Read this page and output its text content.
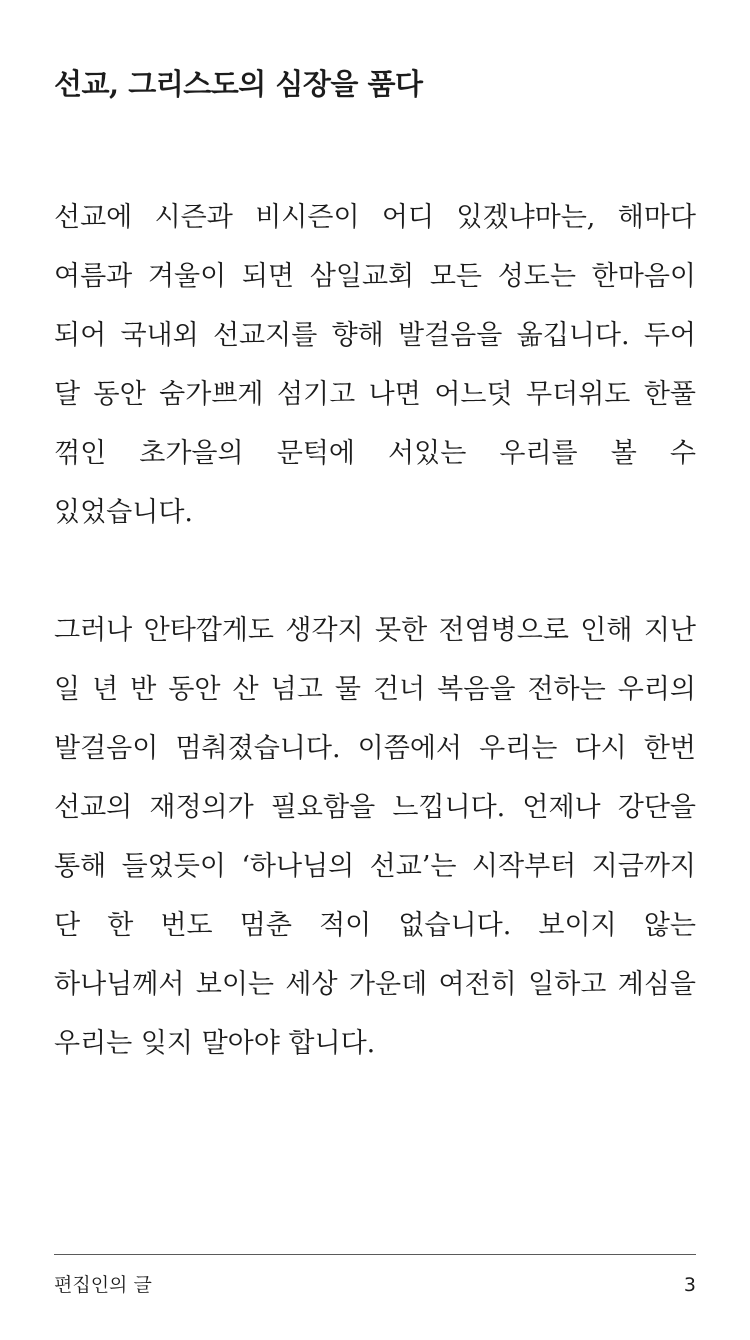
선교, 그리스도의 심장을 품다

선교에 시즌과 비시즌이 어디 있겠냐마는, 해마다 여름과 겨울이 되면 삼일교회 모든 성도는 한마음이 되어 국내외 선교지를 향해 발걸음을 옮깁니다. 두어 달 동안 숨가쁘게 섬기고 나면 어느덧 무더위도 한풀 꺾인 초가을의 문턱에 서있는 우리를 볼 수 있었습니다.

그러나 안타깝게도 생각지 못한 전염병으로 인해 지난 일 년 반 동안 산 넘고 물 건너 복음을 전하는 우리의 발걸음이 멈춰졌습니다. 이쯤에서 우리는 다시 한번 선교의 재정의가 필요함을 느낍니다. 언제나 강단을 통해 들었듯이 ‘하나님의 선교’는 시작부터 지금까지 단 한 번도 멈춘 적이 없습니다. 보이지 않는 하나님께서 보이는 세상 가운데 여전히 일하고 계심을 우리는 잊지 말아야 합니다.

편집인의 글	3
